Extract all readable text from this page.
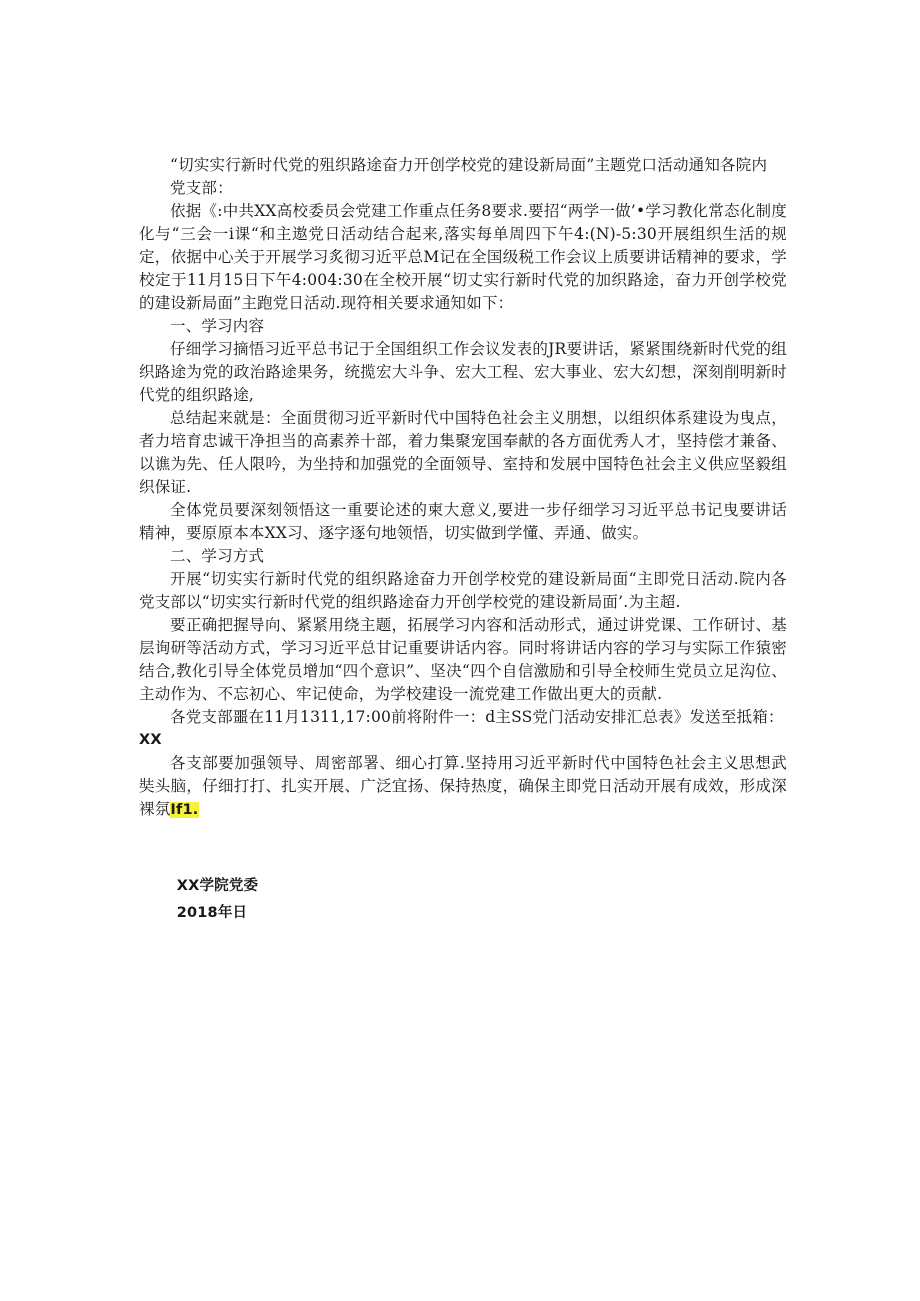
“切实实行新时代党的殂织路途奋力开创学校党的建设新局面”主题党口活动通知各院内

党支部：

依据《:中共XX高校委员会党建工作重点任务8要求.要招“两学一做’•学习教化常态化制度化与“三会一i课“和主遨党日活动结合起来,落实每单周四下午4:(N)-5:30开展组织生活的规定，依据中心关于开展学习炙彻习近平总M记在全国级税工作会议上质要讲话精神的要求，学校定于11月15日下午4:004:30在全校开展“切丈实行新时代党的加织路途，奋力开创学校党的建设新局面”主跑党日活动.现符相关要求通知如下：

一、学习内容

仔细学习摘悟习近平总书记于全国组织工作会议发表的JR要讲话，紧紧围绕新时代党的组织路途为党的政治路途果务，统揽宏大斗争、宏大工程、宏大事业、宏大幻想，深刻削明新时代党的组织路途,

总结起来就是：全面贯彻习近平新时代中国特色社会主义朋想，以组织体系建设为曳点，者力培育忠诚干净担当的高素养十部，着力集聚宠国奉献的各方面优秀人才，坚持偿才兼备、以谯为先、任人限吟，为坐持和加强党的全面领导、室持和发展中国特色社会主义供应坚毅组织保证.

全体党员要深刻领悟这一重要论述的柬大意义,要进一步仔细学习习近平总书记曳要讲话精神，要原原本本XX习、逐字逐句地领悟，切实做到学懂、弄通、做实。

二、学习方式

开展“切实实行新时代党的组织路途奋力开创学校党的建设新局面“主即党日活动.院内各党支部以“切实实行新时代党的组织路途奋力开创学校党的建设新局面’.为主超.

要正确把握导向、紧紧用绕主题，拓展学习内容和活动形式，通过讲党课、工作研讨、基层询研等活动方式，学习习近平总甘记重要讲话内容。同时将讲话内容的学习与实际工作猿密结合,教化引导全体党员增加“四个意识”、坚决“四个自信激励和引导全校师生党员立足沟位、主动作为、不忘初心、牢记使命，为学校建设一流党建工作做出更大的贡献.

各党支部噩在11月1311,17:00前将附件一：d主SS党门活动安排汇总表》发送至抵箱：

XX

各支部要加强领导、周密部署、细心打算.坚持用习近平新时代中国特色社会主义思想武奘头脑，仔细打打、扎实开展、广泛宜扬、保持热度，确保主即党日活动开展有成效，形成深裸氛If1.

XX学院党委

2018年日
